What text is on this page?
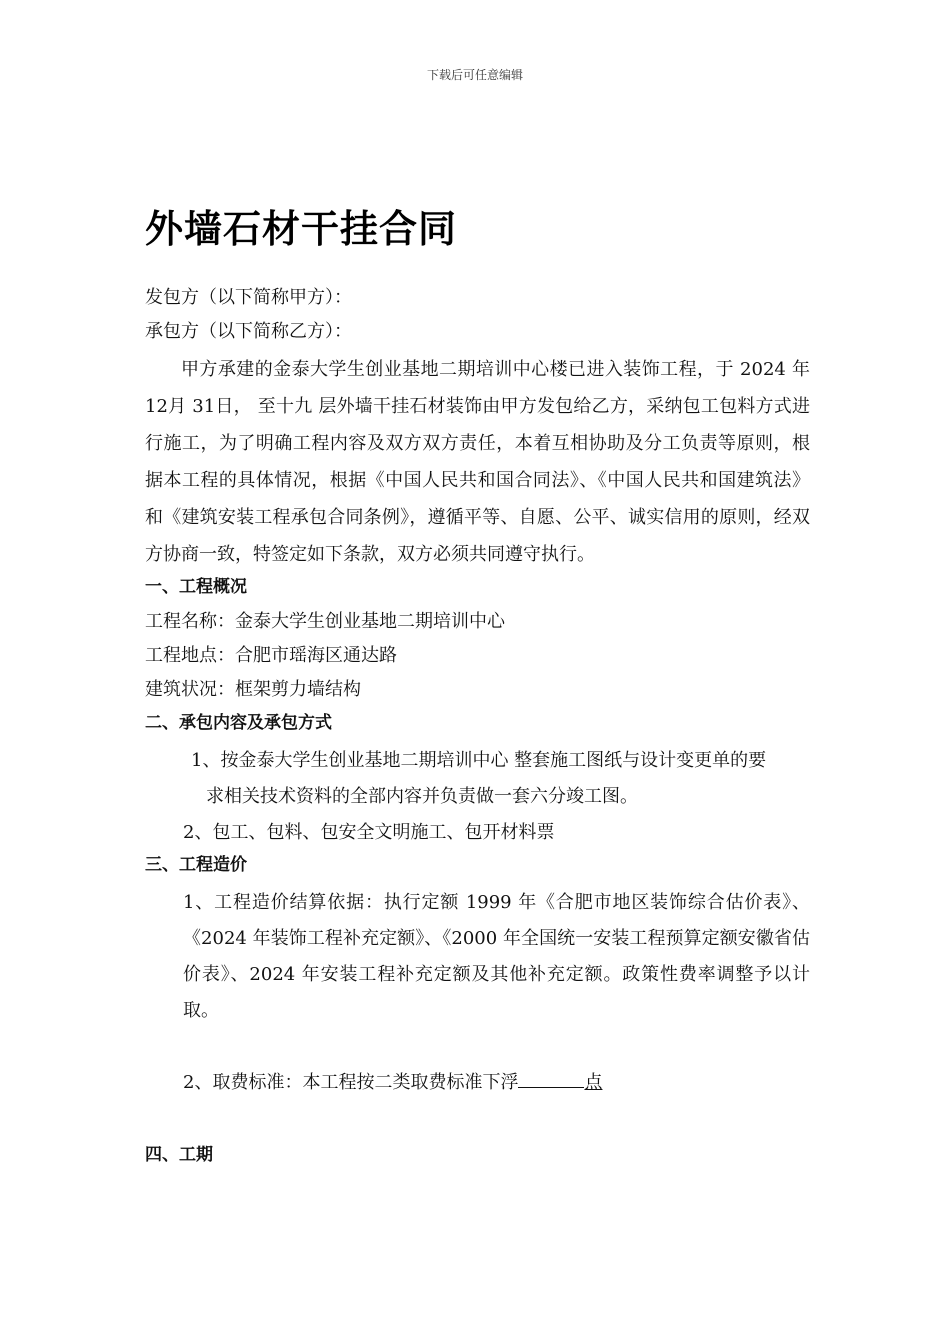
下载后可任意编辑
外墙石材干挂合同
发包方（以下简称甲方）：
承包方（以下简称乙方）：

甲方承建的金泰大学生创业基地二期培训中心楼已进入装饰工程，于 2024 年 12月 31日， 至十九 层外墙干挂石材装饰由甲方发包给乙方，采纳包工包料方式进行施工，为了明确工程内容及双方双方责任，本着互相协助及分工负责等原则，根据本工程的具体情况，根据《中国人民共和国合同法》、《中国人民共和国建筑法》和《建筑安装工程承包合同条例》，遵循平等、自愿、公平、诚实信用的原则，经双方协商一致，特签定如下条款，双方必须共同遵守执行。

一、工程概况
工程名称：金泰大学生创业基地二期培训中心
工程地点：合肥市瑶海区通达路
建筑状况：框架剪力墙结构
二、承包内容及承包方式

1、按金泰大学生创业基地二期培训中心 整套施工图纸与设计变更单的要
求相关技术资料的全部内容并负责做一套六分竣工图。

2、包工、包料、包安全文明施工、包开材料票

三、工程造价

1、工程造价结算依据：执行定额 1999 年《合肥市地区装饰综合估价表》、《2024 年装饰工程补充定额》、《2000 年全国统一安装工程预算定额安徽省估价表》、2024 年安装工程补充定额及其他补充定额。政策性费率调整予以计取。

2、取费标准：本工程按二类取费标准下浮	点

四、工期
